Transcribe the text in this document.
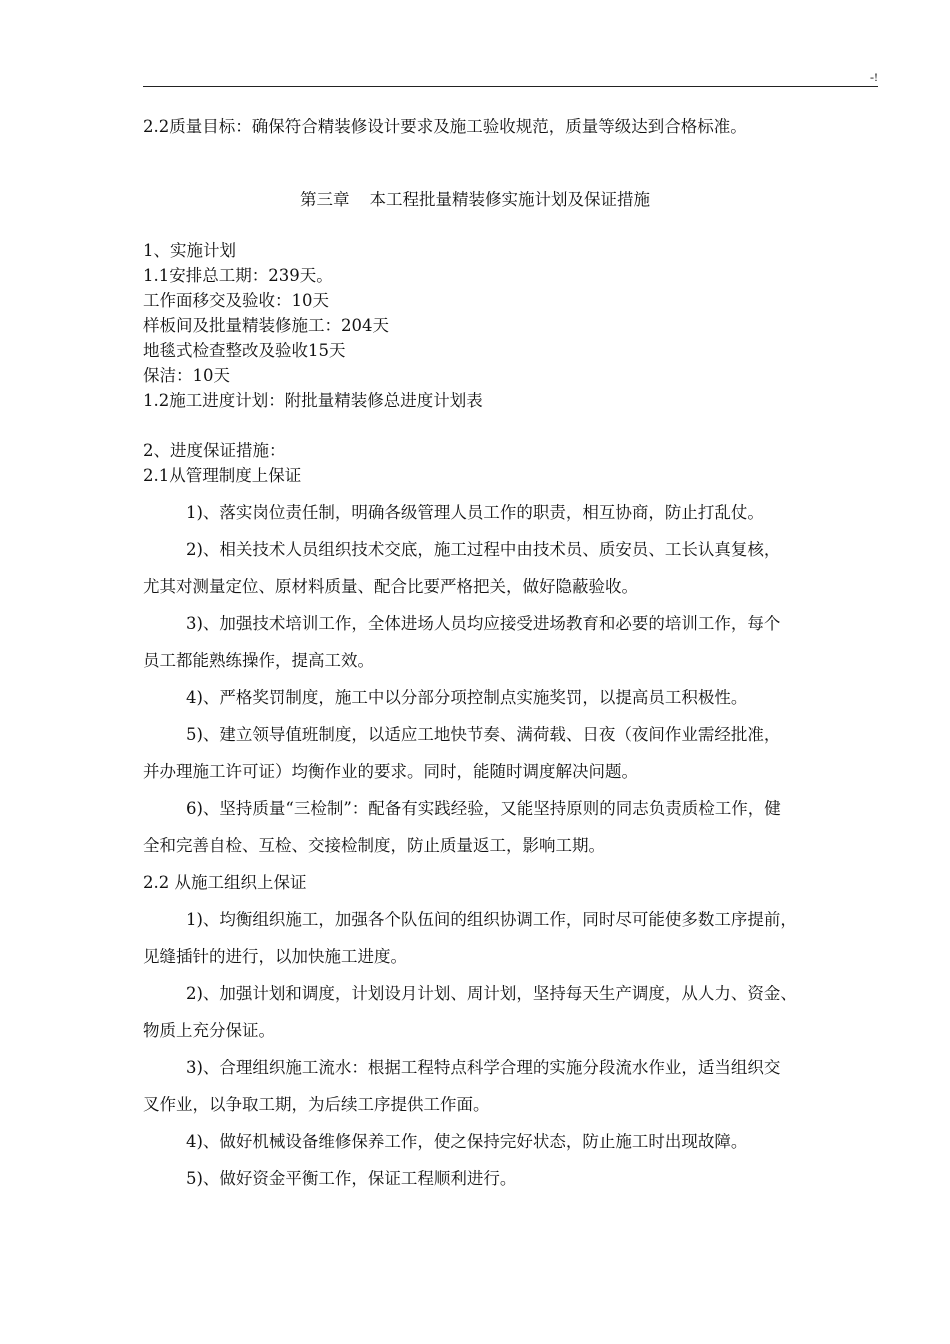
-!
2.2质量目标：确保符合精装修设计要求及施工验收规范，质量等级达到合格标准。
第三章 本工程批量精装修实施计划及保证措施
1、实施计划
1.1安排总工期：239天。
工作面移交及验收：10天
样板间及批量精装修施工：204天
地毯式检查整改及验收15天
保洁：10天
1.2施工进度计划：附批量精装修总进度计划表
2、进度保证措施：
2.1从管理制度上保证
1)、落实岗位责任制，明确各级管理人员工作的职责，相互协商，防止打乱仗。
2)、相关技术人员组织技术交底，施工过程中由技术员、质安员、工长认真复核，
尤其对测量定位、原材料质量、配合比要严格把关，做好隐蔽验收。
3)、加强技术培训工作，全体进场人员均应接受进场教育和必要的培训工作，每个
员工都能熟练操作，提高工效。
4)、严格奖罚制度，施工中以分部分项控制点实施奖罚，以提高员工积极性。
5)、建立领导值班制度，以适应工地快节奏、满荷载、日夜（夜间作业需经批准，
并办理施工许可证）均衡作业的要求。同时，能随时调度解决问题。
6)、坚持质量“三检制”：配备有实践经验，又能坚持原则的同志负责质检工作，健
全和完善自检、互检、交接检制度，防止质量返工，影响工期。
2.2 从施工组织上保证
1)、均衡组织施工，加强各个队伍间的组织协调工作，同时尽可能使多数工序提前，
见缝插针的进行，以加快施工进度。
2)、加强计划和调度，计划设月计划、周计划，坚持每天生产调度，从人力、资金、
物质上充分保证。
3)、合理组织施工流水：根据工程特点科学合理的实施分段流水作业，适当组织交
叉作业，以争取工期，为后续工序提供工作面。
4)、做好机械设备维修保养工作，使之保持完好状态，防止施工时出现故障。
5)、做好资金平衡工作，保证工程顺利进行。
